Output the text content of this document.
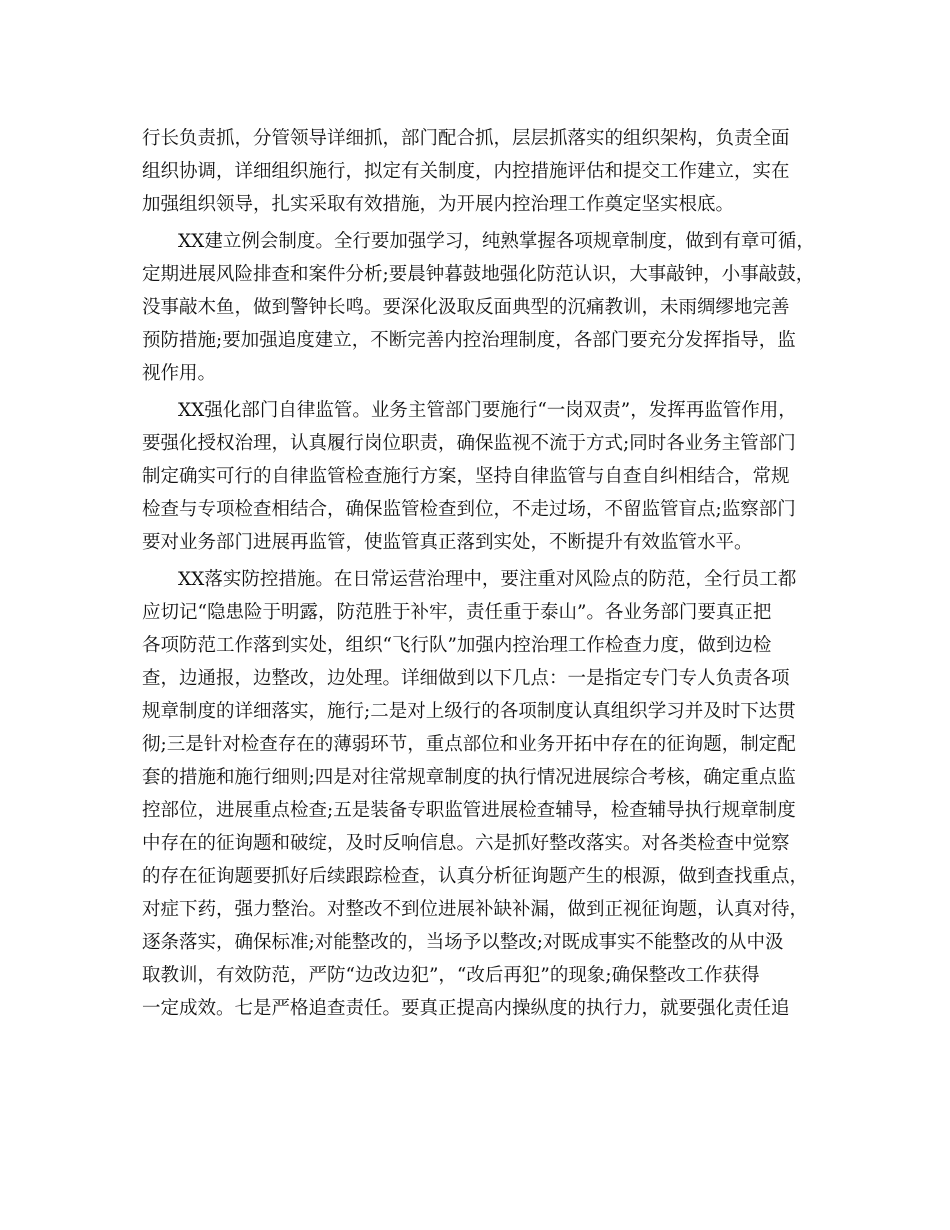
行长负责抓，分管领导详细抓，部门配合抓，层层抓落实的组织架构，负责全面
组织协调，详细组织施行，拟定有关制度，内控措施评估和提交工作建立，实在
加强组织领导，扎实采取有效措施，为开展内控治理工作奠定坚实根底。
XX建立例会制度。全行要加强学习，纯熟掌握各项规章制度，做到有章可循，
定期进展风险排查和案件分析;要晨钟暮鼓地强化防范认识，大事敲钟，小事敲鼓，
没事敲木鱼，做到警钟长鸣。要深化汲取反面典型的沉痛教训，未雨绸缪地完善
预防措施;要加强追度建立，不断完善内控治理制度，各部门要充分发挥指导，监
视作用。
XX强化部门自律监管。业务主管部门要施行“一岗双责”，发挥再监管作用，
要强化授权治理，认真履行岗位职责，确保监视不流于方式;同时各业务主管部门
制定确实可行的自律监管检查施行方案，坚持自律监管与自查自纠相结合，常规
检查与专项检查相结合，确保监管检查到位，不走过场，不留监管盲点;监察部门
要对业务部门进展再监管，使监管真正落到实处，不断提升有效监管水平。
XX落实防控措施。在日常运营治理中，要注重对风险点的防范，全行员工都
应切记“隐患险于明露，防范胜于补牢，责任重于泰山”。各业务部门要真正把
各项防范工作落到实处，组织“飞行队”加强内控治理工作检查力度，做到边检
查，边通报，边整改，边处理。详细做到以下几点：一是指定专门专人负责各项
规章制度的详细落实，施行;二是对上级行的各项制度认真组织学习并及时下达贯
彻;三是针对检查存在的薄弱环节，重点部位和业务开拓中存在的征询题，制定配
套的措施和施行细则;四是对往常规章制度的执行情况进展综合考核，确定重点监
控部位，进展重点检查;五是装备专职监管进展检查辅导，检查辅导执行规章制度
中存在的征询题和破绽，及时反响信息。六是抓好整改落实。对各类检查中觉察
的存在征询题要抓好后续跟踪检查，认真分析征询题产生的根源，做到查找重点，
对症下药，强力整治。对整改不到位进展补缺补漏，做到正视征询题，认真对待，
逐条落实，确保标准;对能整改的，当场予以整改;对既成事实不能整改的从中汲
取教训，有效防范，严防“边改边犯”，“改后再犯”的现象;确保整改工作获得
一定成效。七是严格追查责任。要真正提高内操纵度的执行力，就要强化责任追
